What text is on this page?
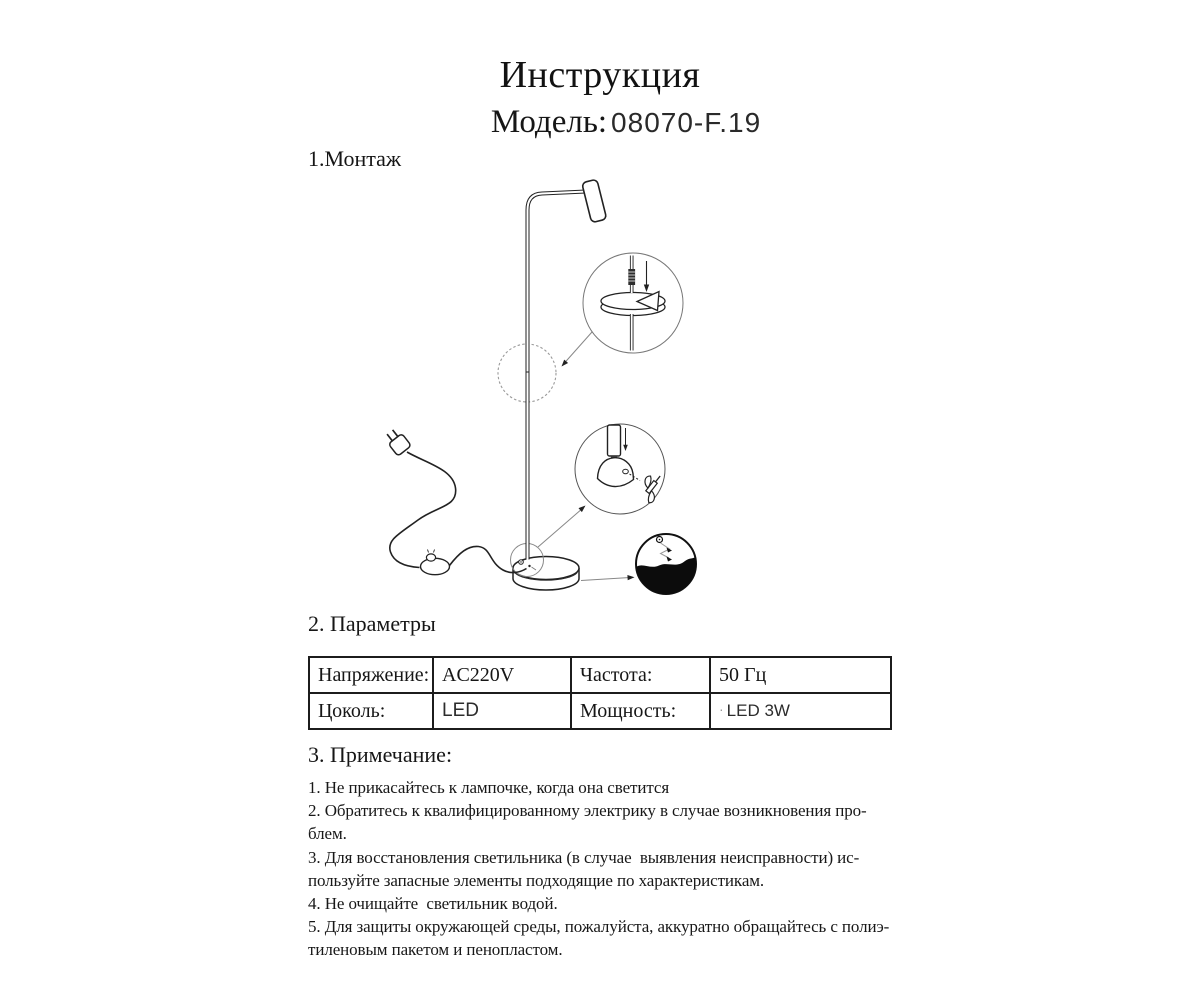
Инструкция
Модель: 08070-F.19
1.Монтаж
2. Параметры
Напряжение:	AC220V	Частота:	50 Гц
Цоколь:	LED	Мощность:	· LED 3W
3. Примечание:
1. Не прикасайтесь к лампочке, когда она светится
2. Обратитесь к квалифицированному электрику в случае возникновения про-
блем.
3. Для восстановления светильника (в случае  выявления неисправности) ис-
пользуйте запасные элементы подходящие по характеристикам.
4. Не очищайте  светильник водой.
5. Для защиты окружающей среды, пожалуйста, аккуратно обращайтесь с полиэ-
тиленовым пакетом и пенопластом.
